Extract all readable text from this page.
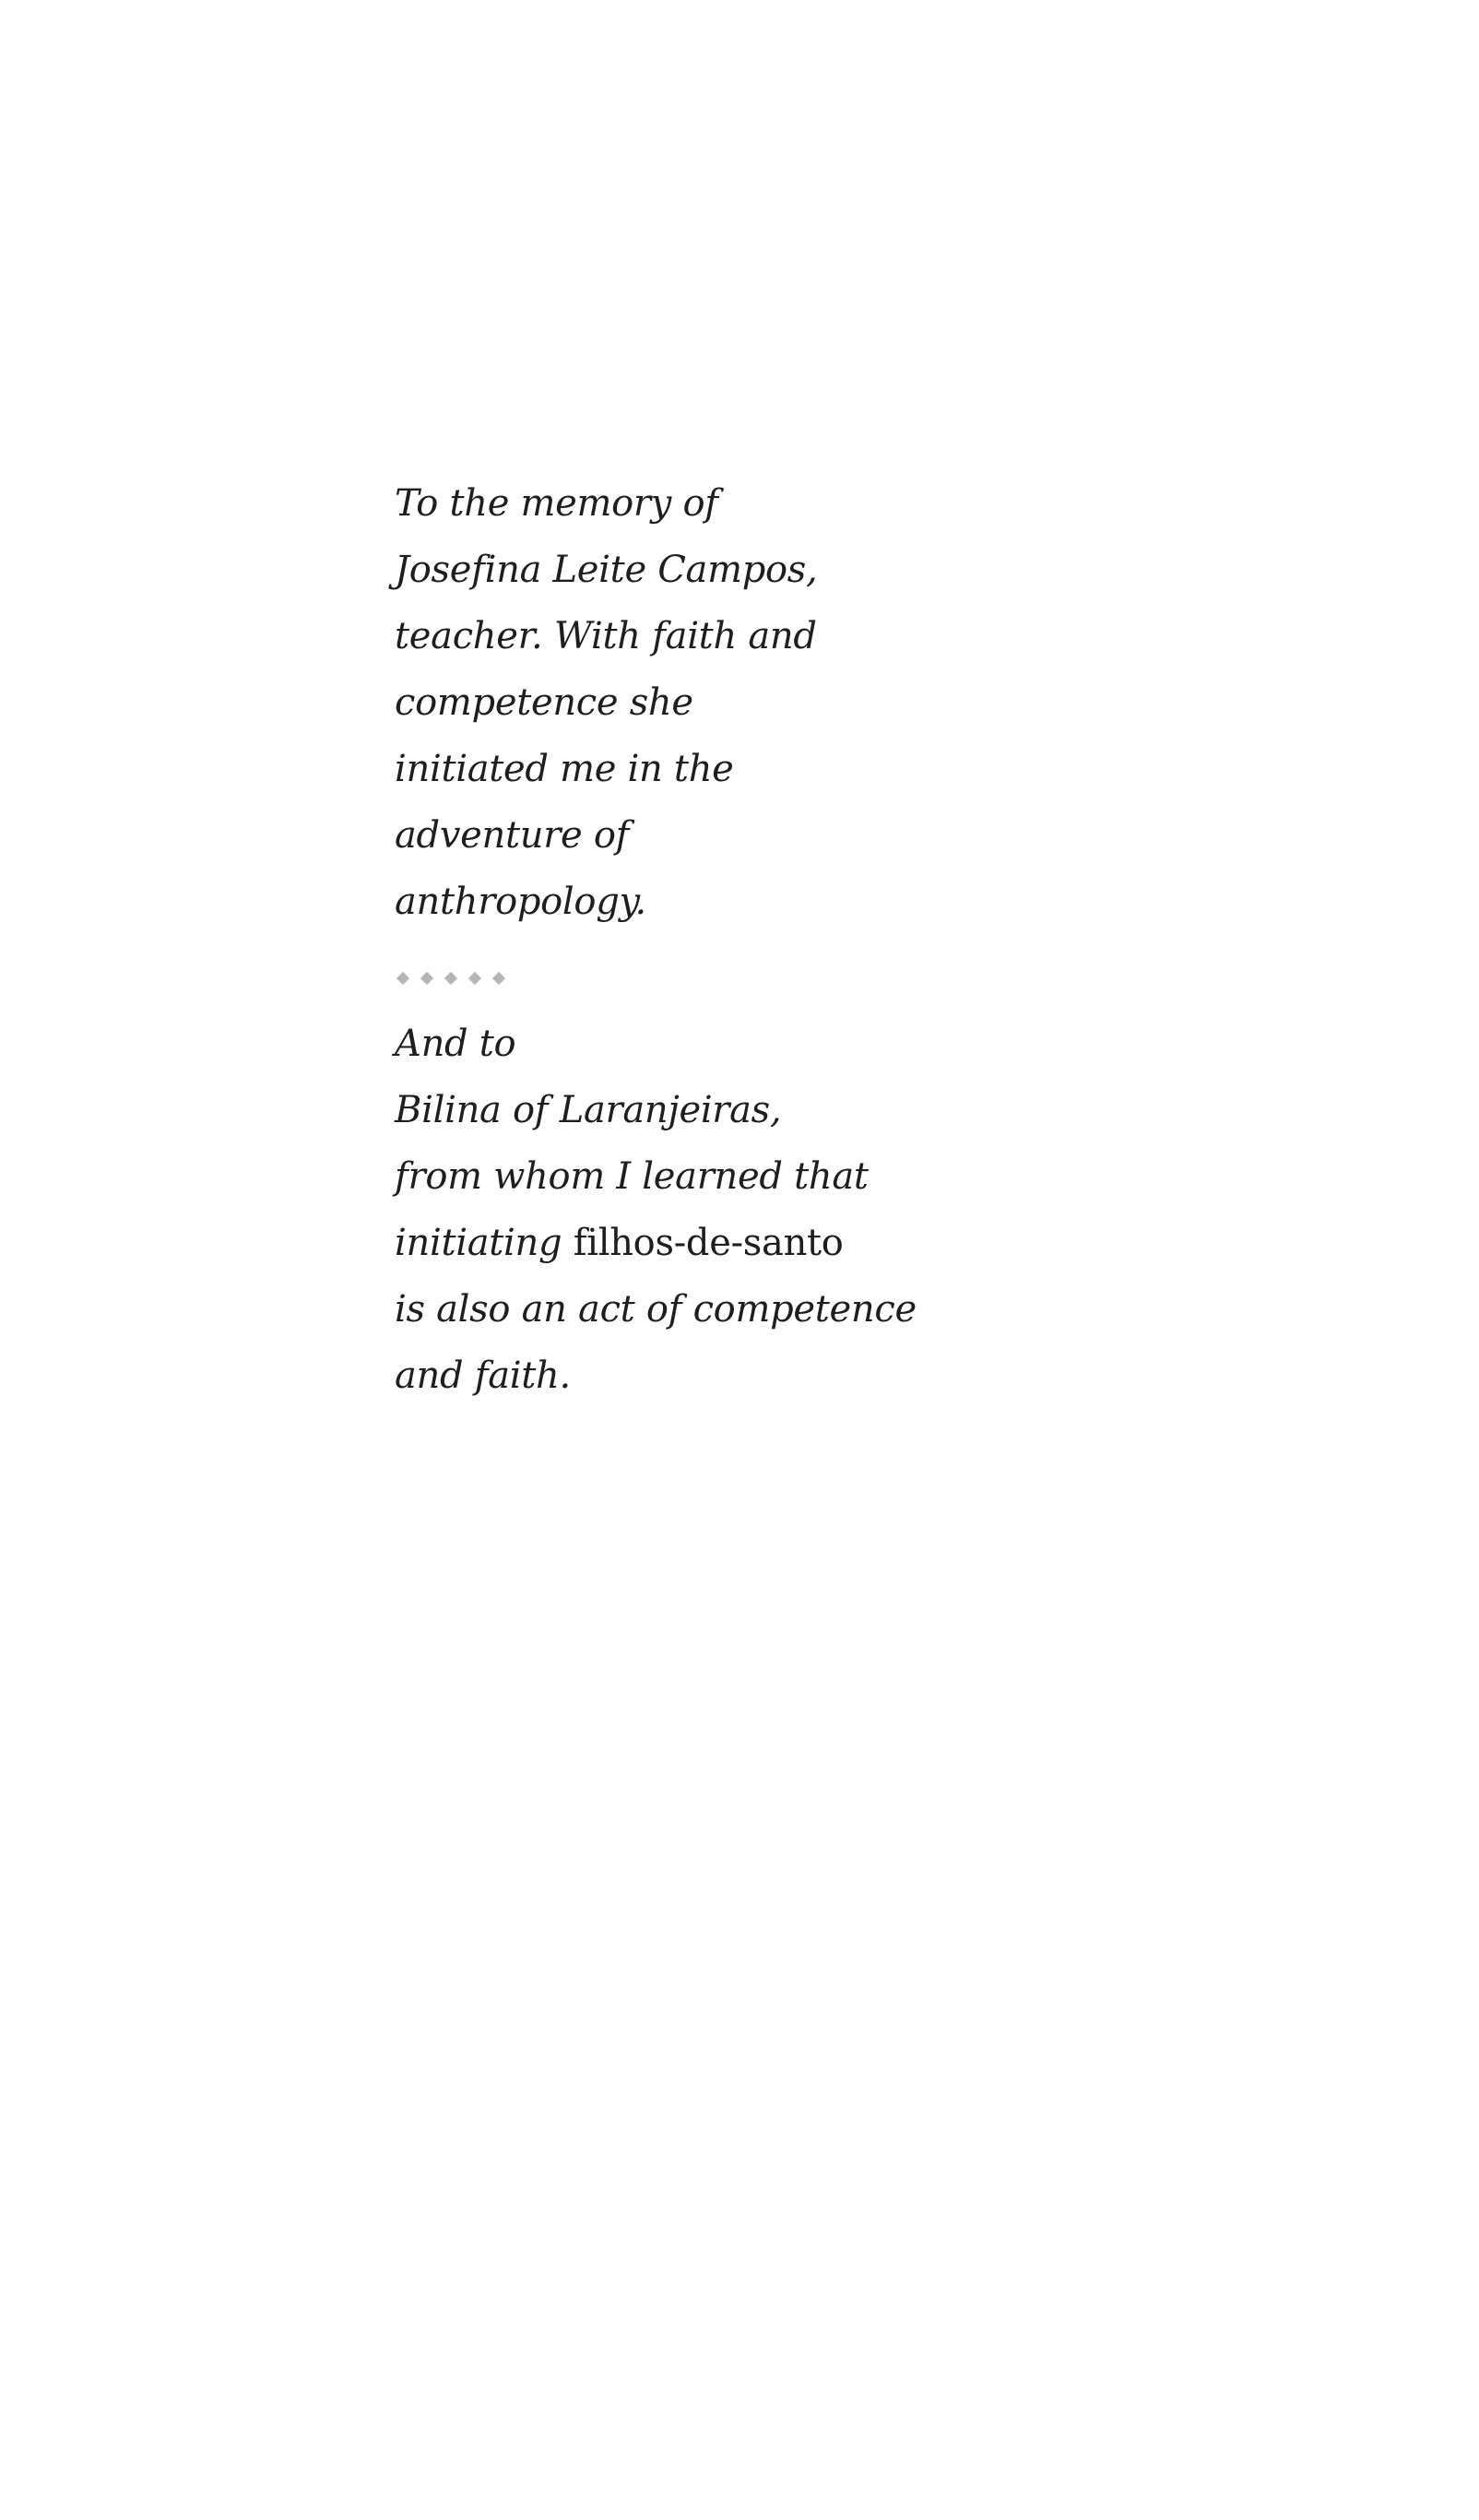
To the memory of
Josefina Leite Campos,
teacher. With faith and
competence she
initiated me in the
adventure of
anthropology.
And to
Bilina of Laranjeiras,
from whom I learned that
initiating filhos-de-santo
is also an act of competence
and faith.
